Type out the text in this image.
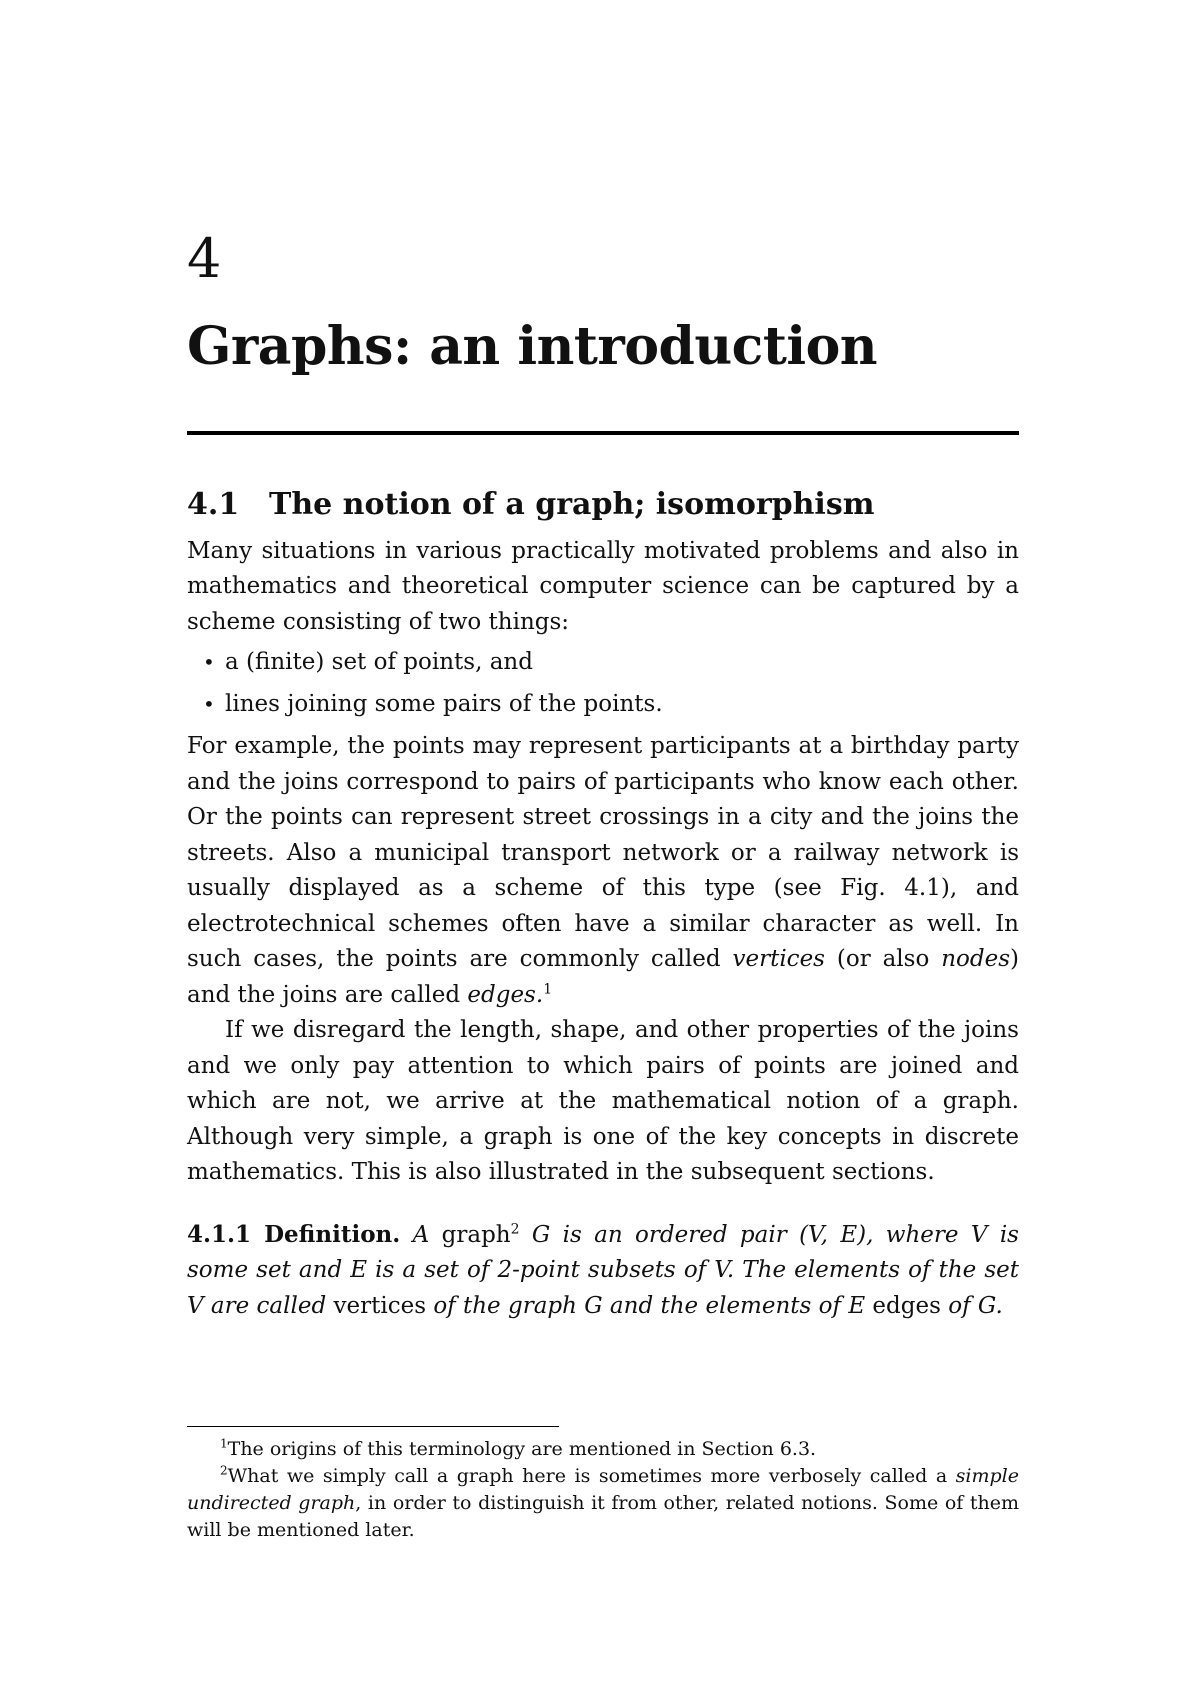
4
Graphs: an introduction
4.1 The notion of a graph; isomorphism

Many situations in various practically motivated problems and also in mathematics and theoretical computer science can be captured by a scheme consisting of two things:

• a (finite) set of points, and
• lines joining some pairs of the points.

For example, the points may represent participants at a birthday party and the joins correspond to pairs of participants who know each other. Or the points can represent street crossings in a city and the joins the streets. Also a municipal transport network or a railway network is usually displayed as a scheme of this type (see Fig. 4.1), and electrotechnical schemes often have a similar character as well. In such cases, the points are commonly called vertices (or also nodes) and the joins are called edges.$^1$

If we disregard the length, shape, and other properties of the joins and we only pay attention to which pairs of points are joined and which are not, we arrive at the mathematical notion of a graph. Although very simple, a graph is one of the key concepts in discrete mathematics. This is also illustrated in the subsequent sections.

4.1.1 Definition. A graph$^2$ G is an ordered pair (V, E), where V is some set and E is a set of 2-point subsets of V. The elements of the set V are called vertices of the graph G and the elements of E edges of G.

$^1$The origins of this terminology are mentioned in Section 6.3.

$^2$What we simply call a graph here is sometimes more verbosely called a simple undirected graph, in order to distinguish it from other, related notions. Some of them will be mentioned later.
